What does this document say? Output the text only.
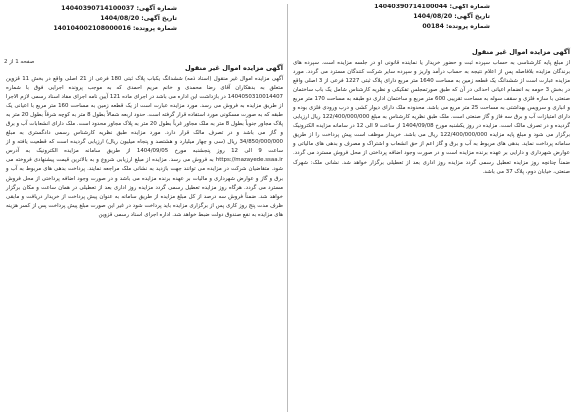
شماره آگهی: 14040390714100037
تاریخ آگهی: 1404/08/20
شماره پرونده: 140104002108000016
صفحه 1 از 2
آگهی مزایده اموال غیر منقول
آگهی مزایده اموال غیر منقول (اسناد ذمه) ششدانگ یکباب پلاک ثبتی 180 فرعی از 21 اصلی واقع در بخش 11 قزوین متعلق به بدهکاران آقای رضا محمدی و خانم مریم احمدی که به موجب پرونده اجرایی فوق با شماره 1404050310014407 در بازداشت این اداره می باشد در اجرای ماده 121 آیین نامه اجرای مفاد اسناد رسمی لازم الاجرا از طریق مزایده به فروش می رسد. مورد مزایده عبارت است از یک قطعه زمین به مساحت 160 متر مربع با اعیانی یک طبقه که به صورت مسکونی مورد استفاده قرار گرفته است. حدود اربعه شمالاً بطول 8 متر به کوچه شرقاً بطول 20 متر به پلاک مجاور جنوباً بطول 8 متر به ملک مجاور غرباً بطول 20 متر به پلاک مجاور محدود است. ملک دارای انشعابات آب و برق و گاز می باشد و در تصرف مالک قرار دارد. مورد مزایده طبق نظریه کارشناس رسمی دادگستری به مبلغ 34/850/000/000 ریال (سی و چهار میلیارد و هشتصد و پنجاه میلیون ریال) ارزیابی گردیده است که قطعیت یافته و از ساعت 9 الی 12 روز پنجشنبه مورخ 1404/09/05 از طریق سامانه مزایده الکترونیک به آدرس https://mazayede.ssaa.ir به فروش می رسد. مزایده از مبلغ ارزیابی شروع و به بالاترین قیمت پیشنهادی فروخته می شود. متقاضیان شرکت در مزایده می توانند جهت بازدید به نشانی ملک مراجعه نمایند. پرداخت بدهی های مربوط به آب و برق و گاز و عوارض شهرداری و مالیات بر عهده برنده مزایده می باشد و در صورت وجود اضافه پرداختی از محل فروش مسترد می گردد. هرگاه روز مزایده تعطیل رسمی گردد مزایده روز اداری بعد از تعطیلی در همان ساعت و مکان برگزار خواهد شد. ضمناً فروش سه درصد از کل مبلغ مزایده از طریق سامانه به عنوان پیش پرداخت از خریدار دریافت و مابقی ظرف مدت پنج روز کاری پس از برگزاری مزایده باید پرداخت شود در غیر این صورت مبلغ پیش پرداخت پس از کسر هزینه های مزایده به نفع صندوق دولت ضبط خواهد شد. اداره اجرای اسناد رسمی قزوین
شماره آگهی: 14040390714100044
تاریخ آگهی: 1404/08/20
شماره پرونده: 00184
آگهی مزایده اموال غیر منقول
از مبلغ پایه کارشناسی به حساب سپرده ثبت و حضور خریدار یا نماینده قانونی او در جلسه مزایده است. سپرده های برندگان مزایده بلافاصله پس از اعلام نتیجه به حساب درآمد واریز و سپرده سایر شرکت کنندگان مسترد می گردد. مورد مزایده عبارت است از ششدانگ یک قطعه زمین به مساحت 1640 متر مربع دارای پلاک ثبتی 1227 فرعی از 3 اصلی واقع در بخش 3 حومه به انضمام اعیانی احداثی در آن که طبق صورتمجلس تفکیکی و نظریه کارشناس شامل یک باب ساختمان صنعتی با سازه فلزی و سقف سوله به مساحت تقریبی 600 متر مربع و ساختمان اداری دو طبقه به مساحت 170 متر مربع و انباری و سرویس بهداشتی به مساحت 25 متر مربع می باشد. محدوده ملک دارای دیوار کشی و درب ورودی فلزی بوده و دارای امتیازات آب و برق سه فاز و گاز صنعتی است. ملک طبق نظریه کارشناس به مبلغ 122/400/000/000 ریال ارزیابی گردیده و در تصرف مالک است. مزایده در روز یکشنبه مورخ 1404/09/08 از ساعت 9 الی 12 در سامانه مزایده الکترونیک برگزار می شود و مبلغ پایه مزایده 122/400/000/000 ریال می باشد. خریدار موظف است پیش پرداخت را از طریق سامانه پرداخت نماید. بدهی های مربوط به آب و برق و گاز اعم از حق انشعاب و اشتراک و مصرف و بدهی های مالیاتی و عوارض شهرداری و دارایی بر عهده برنده مزایده است و در صورت وجود اضافه پرداختی از محل فروش مسترد می گردد. ضمناً چنانچه روز مزایده تعطیل رسمی گردد مزایده روز اداری بعد از تعطیلی برگزار خواهد شد. نشانی ملک: شهرک صنعتی، خیابان دوم، پلاک 37 می باشد.
